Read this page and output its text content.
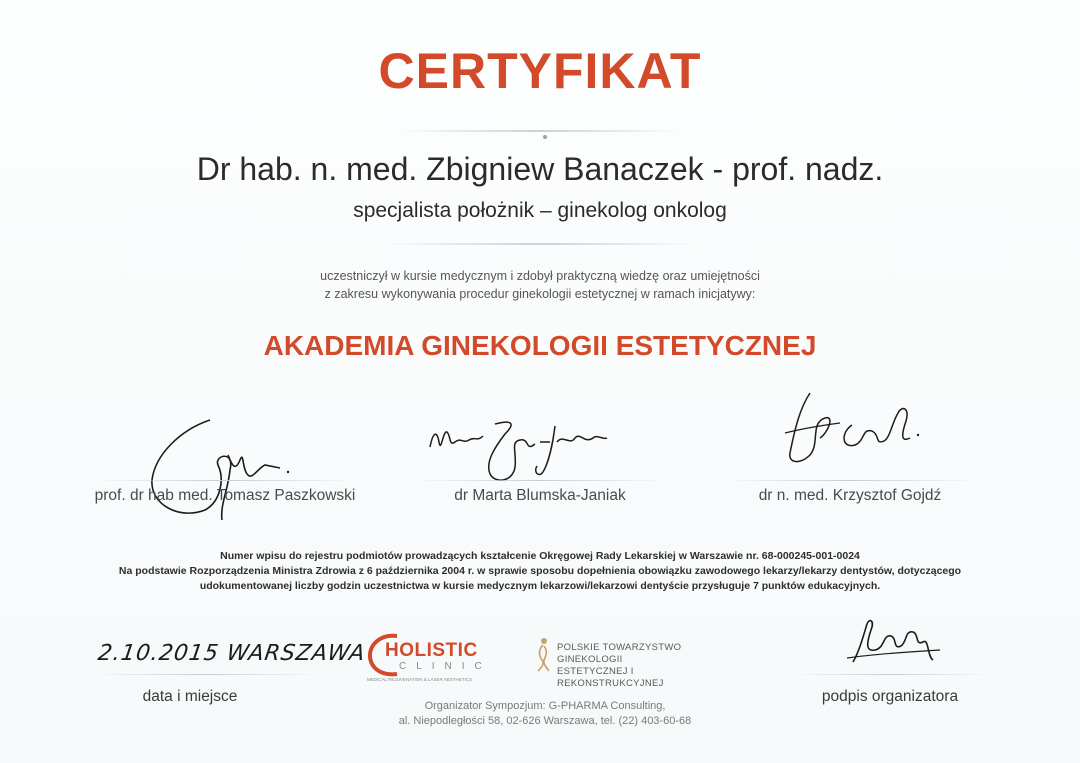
CERTYFIKAT
Dr hab. n. med. Zbigniew Banaczek - prof. nadz.
specjalista położnik – ginekolog onkolog
uczestniczył w kursie medycznym i zdobył praktyczną wiedzę oraz umiejętności
z zakresu wykonywania procedur ginekologii estetycznej w ramach inicjatywy:
AKADEMIA GINEKOLOGII ESTETYCZNEJ
prof. dr hab med. Tomasz Paszkowski	dr Marta Blumska-Janiak	dr n. med. Krzysztof Gojdź
Numer wpisu do rejestru podmiotów prowadzących kształcenie Okręgowej Rady Lekarskiej w Warszawie nr. 68-000245-001-0024
Na podstawie Rozporządzenia Ministra Zdrowia z 6 października 2004 r. w sprawie sposobu dopełnienia obowiązku zawodowego lekarzy/lekarzy dentystów, dotyczącego
udokumentowanej liczby godzin uczestnictwa w kursie medycznym lekarzowi/lekarzowi dentyście przysługuje 7 punktów edukacyjnych.
2.10.2015 WARSZAWA
data i miejsce
HOLISTIC
CLINIC
MEDICAL REJUVENATION & LASER AESTHETICS
POLSKIE TOWARZYSTWO GINEKOLOGII
ESTETYCZNEJ I REKONSTRUKCYJNEJ
podpis organizatora
Organizator Sympozjum: G-PHARMA Consulting,
al. Niepodległości 58, 02-626 Warszawa, tel. (22) 403-60-68
